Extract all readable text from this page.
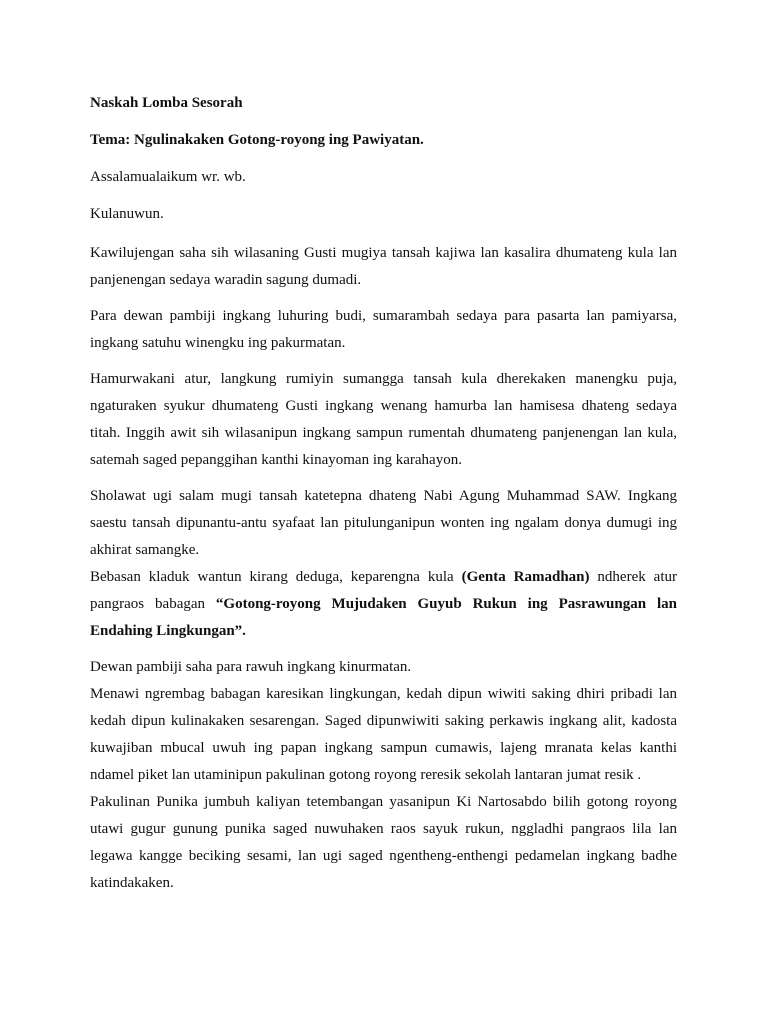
Naskah Lomba Sesorah
Tema: Ngulinakaken Gotong-royong ing Pawiyatan.
Assalamualaikum wr. wb.
Kulanuwun.
Kawilujengan saha sih wilasaning Gusti mugiya tansah kajiwa lan kasalira dhumateng kula lan panjenengan sedaya waradin sagung dumadi.
Para dewan pambiji ingkang luhuring budi, sumarambah sedaya para pasarta lan pamiyarsa, ingkang satuhu winengku ing pakurmatan.
Hamurwakani atur, langkung rumiyin sumangga tansah kula dherekaken manengku puja, ngaturaken syukur dhumateng Gusti ingkang wenang hamurba lan hamisesa dhateng sedaya titah. Inggih awit sih wilasanipun ingkang sampun rumentah dhumateng panjenengan lan kula, satemah saged pepanggihan kanthi kinayoman ing karahayon.
Sholawat ugi salam mugi tansah katetepna dhateng Nabi Agung Muhammad SAW. Ingkang saestu tansah dipunantu-antu syafaat lan pitulunganipun wonten ing ngalam donya dumugi ing akhirat samangke.
Bebasan kladuk wantun kirang deduga, keparengna kula (Genta Ramadhan) ndherek atur pangraos babagan “Gotong-royong Mujudaken Guyub Rukun ing Pasrawungan lan Endahing Lingkungan”.
Dewan pambiji saha para rawuh ingkang kinurmatan.
Menawi ngrembag babagan karesikan lingkungan, kedah dipun wiwiti saking dhiri pribadi lan kedah dipun kulinakaken sesarengan. Saged dipunwiwiti saking perkawis ingkang alit, kadosta kuwajiban mbucal uwuh ing papan ingkang sampun cumawis, lajeng mranata kelas kanthi ndamel piket lan utaminipun pakulinan gotong royong reresik sekolah lantaran jumat resik .
Pakulinan Punika jumbuh kaliyan tetembangan yasanipun Ki Nartosabdo bilih gotong royong utawi gugur gunung punika saged nuwuhaken raos sayuk rukun, nggladhi pangraos lila lan legawa kangge beciking sesami, lan ugi saged ngentheng-enthengi pedamelan ingkang badhe katindakaken.
